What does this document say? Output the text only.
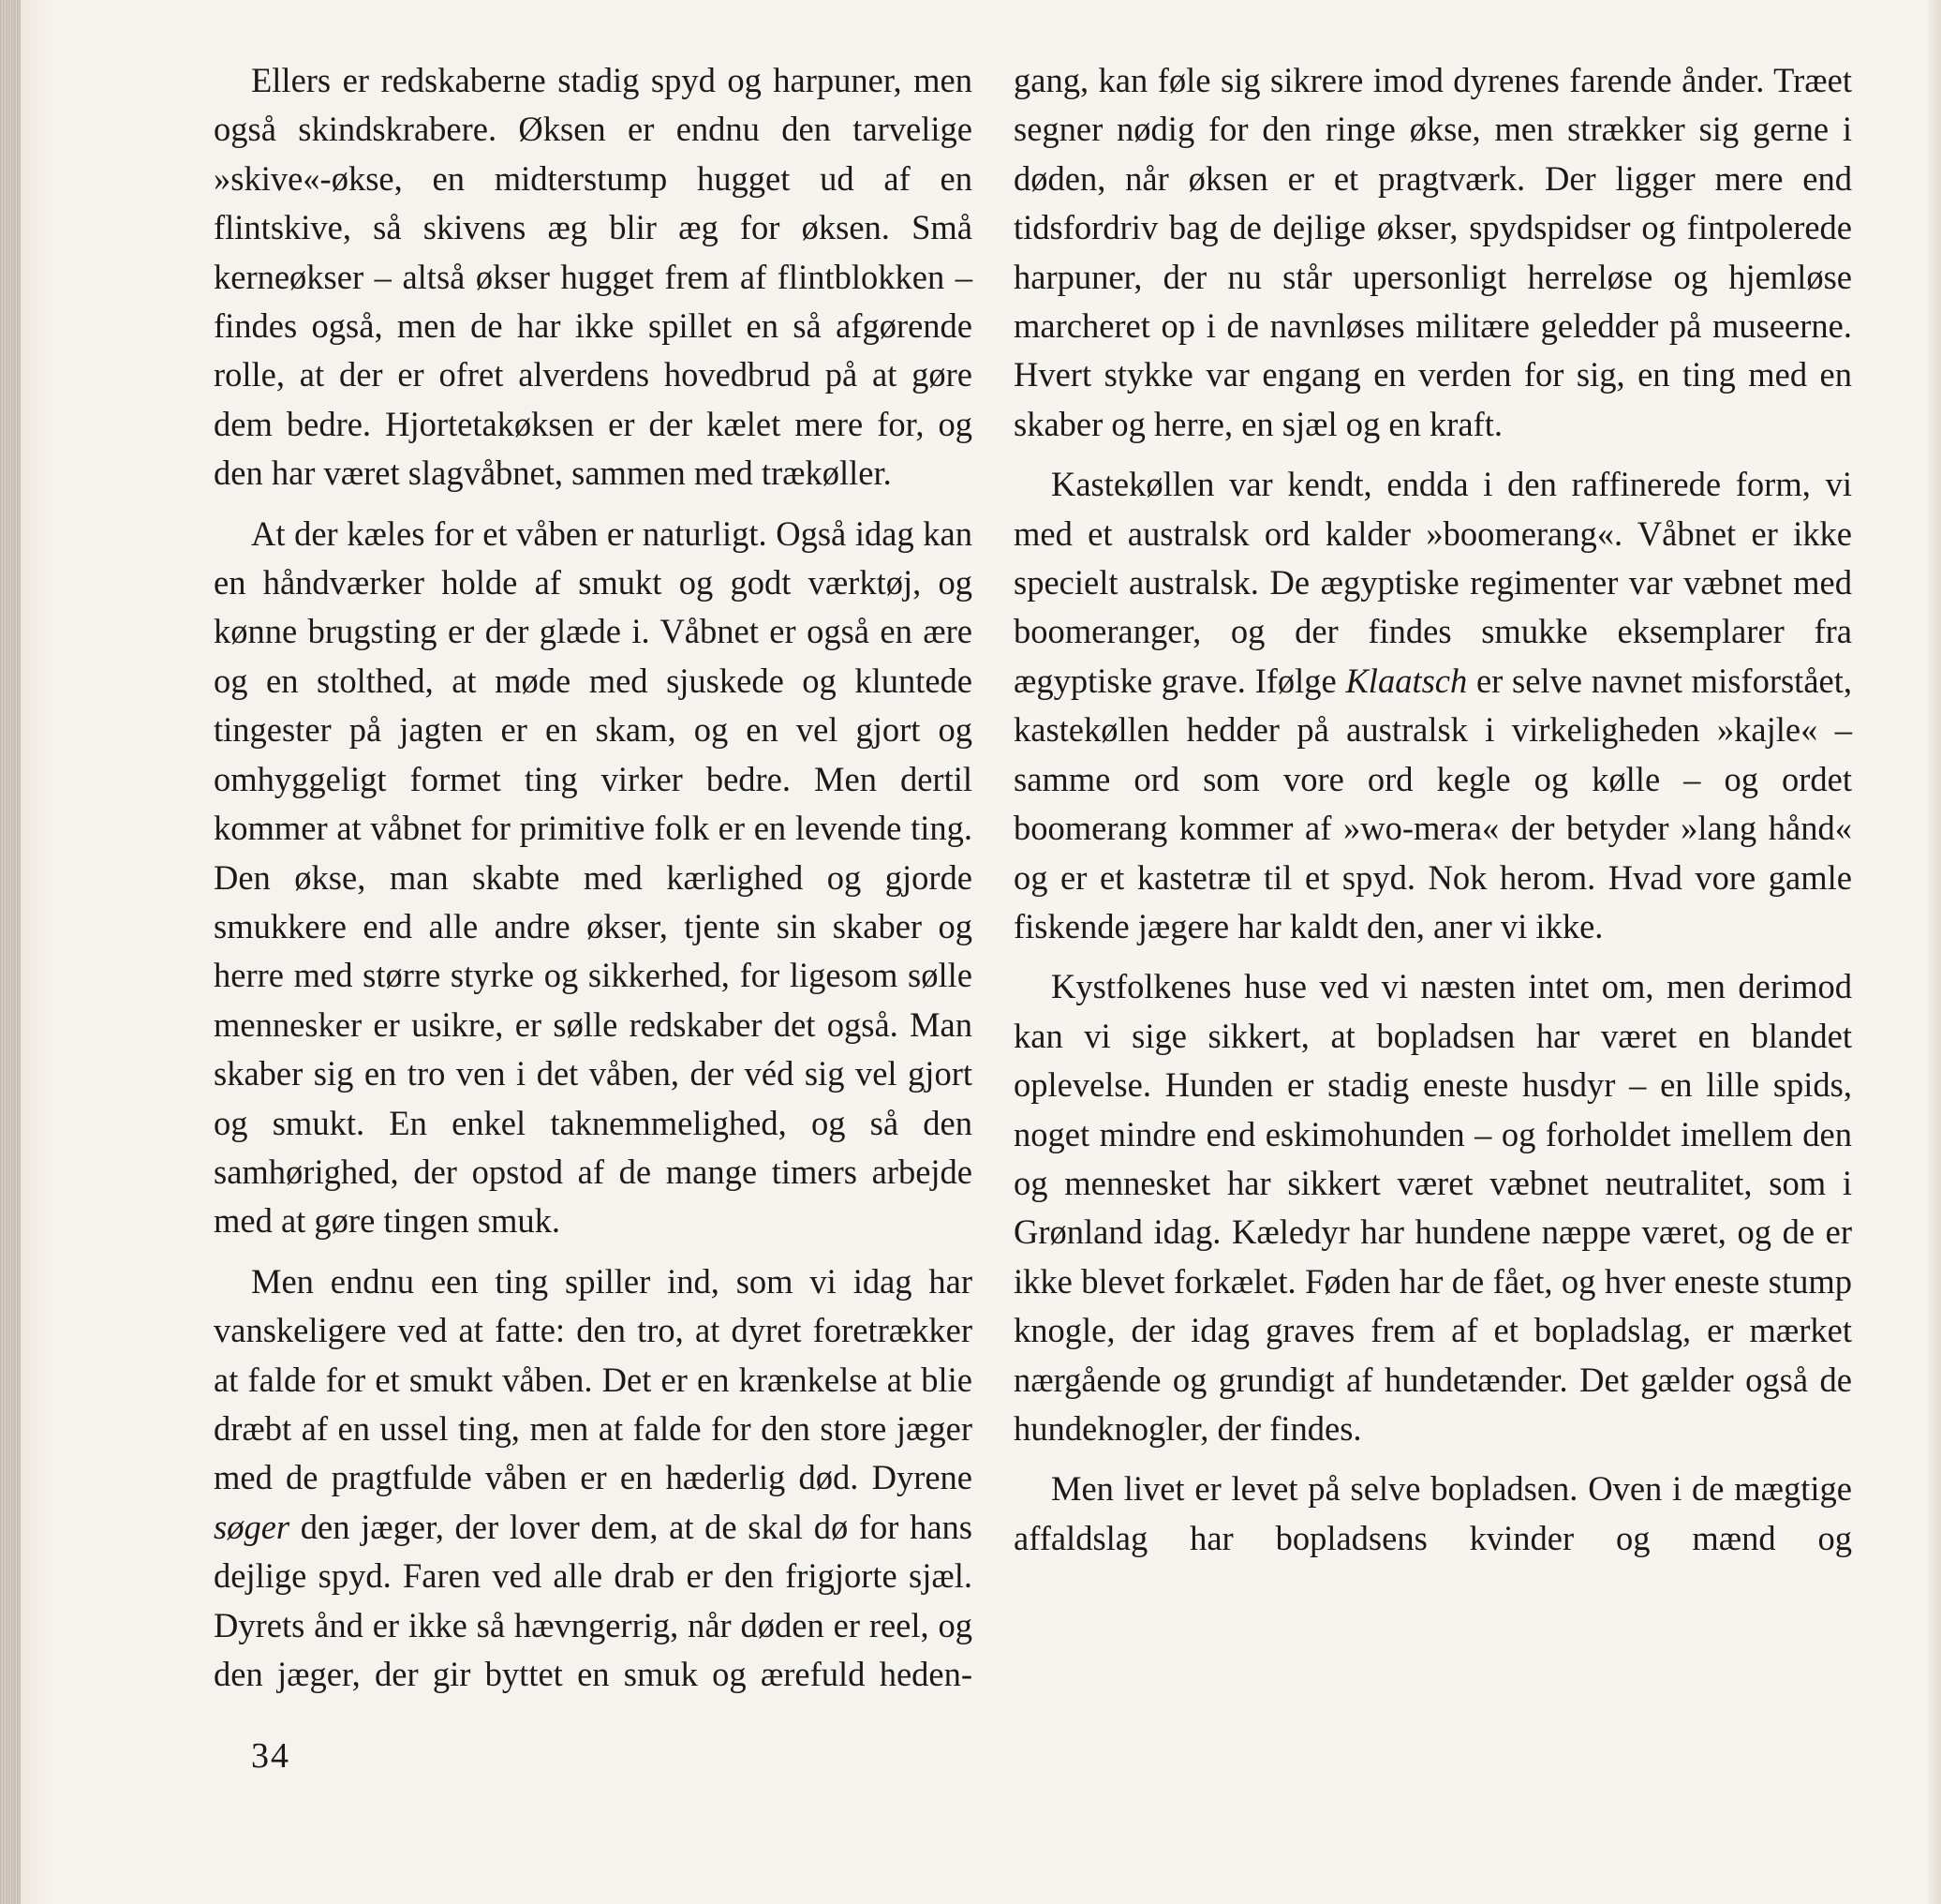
Ellers er redskaberne stadig spyd og harpuner, men også skindskrabere. Øksen er endnu den tarvelige »skive«-økse, en midterstump hugget ud af en flintskive, så skivens æg blir æg for øksen. Små kerneøkser – altså økser hugget frem af flintblokken – findes også, men de har ikke spillet en så afgørende rolle, at der er ofret alverdens hovedbrud på at gøre dem bedre. Hjortetakøksen er der kælet mere for, og den har været slagvåbnet, sammen med trækøller.

At der kæles for et våben er naturligt. Også idag kan en håndværker holde af smukt og godt værktøj, og kønne brugsting er der glæde i. Våbnet er også en ære og en stolthed, at møde med sjuskede og kluntede tingester på jagten er en skam, og en vel gjort og omhyggeligt formet ting virker bedre. Men dertil kommer at våbnet for primitive folk er en levende ting. Den økse, man skabte med kærlighed og gjorde smukkere end alle andre økser, tjente sin skaber og herre med større styrke og sikkerhed, for ligesom sølle mennesker er usikre, er sølle redskaber det også. Man skaber sig en tro ven i det våben, der véd sig vel gjort og smukt. En enkel taknemmelighed, og så den samhørighed, der opstod af de mange timers arbejde med at gøre tingen smuk.

Men endnu een ting spiller ind, som vi idag har vanskeligere ved at fatte: den tro, at dyret foretrækker at falde for et smukt våben. Det er en krænkelse at blie dræbt af en ussel ting, men at falde for den store jæger med de pragtfulde våben er en hæderlig død. Dyrene søger den jæger, der lover dem, at de skal dø for hans dejlige spyd. Faren ved alle drab er den frigjorte sjæl. Dyrets ånd er ikke så hævngerrig, når døden er reel, og den jæger, der gir byttet en smuk og ærefuld heden-

gang, kan føle sig sikrere imod dyrenes farende ånder. Træet segner nødig for den ringe økse, men strækker sig gerne i døden, når øksen er et pragtværk. Der ligger mere end tidsfordriv bag de dejlige økser, spydspidser og fintpolerede harpuner, der nu står upersonligt herreløse og hjemløse marcheret op i de navnløses militære geledder på museerne. Hvert stykke var engang en verden for sig, en ting med en skaber og herre, en sjæl og en kraft.

Kastekøllen var kendt, endda i den raffinerede form, vi med et australsk ord kalder »boomerang«. Våbnet er ikke specielt australsk. De ægyptiske regimenter var væbnet med boomeranger, og der findes smukke eksemplarer fra ægyptiske grave. Ifølge Klaatsch er selve navnet misforstået, kastekøllen hedder på australsk i virkeligheden »kajle« – samme ord som vore ord kegle og kølle – og ordet boomerang kommer af »wo-mera« der betyder »lang hånd« og er et kastetræ til et spyd. Nok herom. Hvad vore gamle fiskende jægere har kaldt den, aner vi ikke.

Kystfolkenes huse ved vi næsten intet om, men derimod kan vi sige sikkert, at bopladsen har været en blandet oplevelse. Hunden er stadig eneste husdyr – en lille spids, noget mindre end eskimohunden – og forholdet imellem den og mennesket har sikkert været væbnet neutralitet, som i Grønland idag. Kæledyr har hundene næppe været, og de er ikke blevet forkælet. Føden har de fået, og hver eneste stump knogle, der idag graves frem af et bopladslag, er mærket nærgående og grundigt af hundetænder. Det gælder også de hundeknogler, der findes.

Men livet er levet på selve bopladsen. Oven i de mægtige affaldslag har bopladsens kvinder og mænd og

34
